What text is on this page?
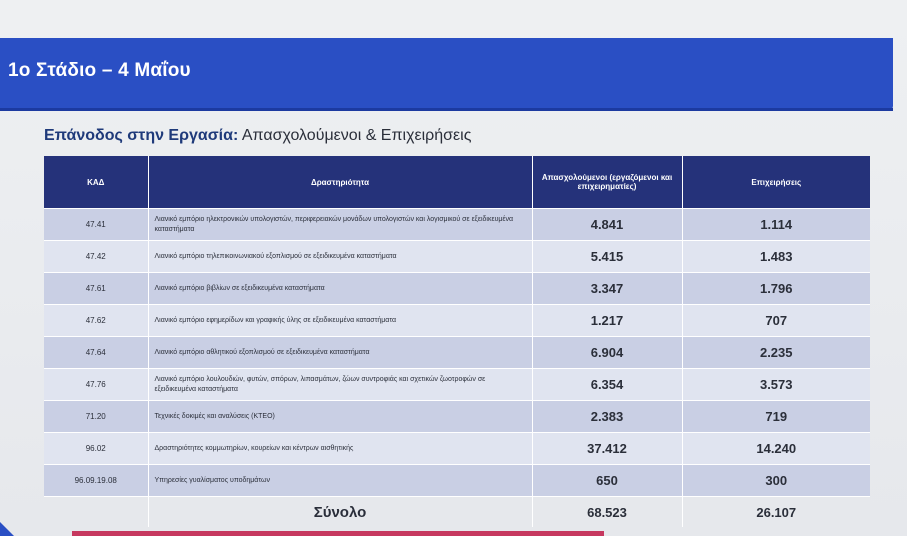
1ο Στάδιο – 4 Μαΐου
Επάνοδος στην Εργασία: Απασχολούμενοι & Επιχειρήσεις
ΚΑΔ	Δραστηριότητα	Απασχολούμενοι (εργαζόμενοι και επιχειρηματίες)	Επιχειρήσεις
47.41	Λιανικό εμπόριο ηλεκτρονικών υπολογιστών, περιφερειακών μονάδων υπολογιστών και λογισμικού σε εξειδικευμένα καταστήματα	4.841	1.114
47.42	Λιανικό εμπόριο τηλεπικοινωνιακού εξοπλισμού σε εξειδικευμένα καταστήματα	5.415	1.483
47.61	Λιανικό εμπόριο βιβλίων σε εξειδικευμένα καταστήματα	3.347	1.796
47.62	Λιανικό εμπόριο εφημερίδων και γραφικής ύλης σε εξειδικευμένα καταστήματα	1.217	707
47.64	Λιανικό εμπόριο αθλητικού εξοπλισμού σε εξειδικευμένα καταστήματα	6.904	2.235
47.76	Λιανικό εμπόριο λουλουδιών, φυτών, σπόρων, λιπασμάτων, ζώων συντροφιάς και σχετικών ζωοτροφών σε εξειδικευμένα καταστήματα	6.354	3.573
71.20	Τεχνικές δοκιμές και αναλύσεις (ΚΤΕΟ)	2.383	719
96.02	Δραστηριότητες κομμωτηρίων, κουρείων και κέντρων αισθητικής	37.412	14.240
96.09.19.08	Υπηρεσίες γυαλίσματος υποδημάτων	650	300
	Σύνολο	68.523	26.107
